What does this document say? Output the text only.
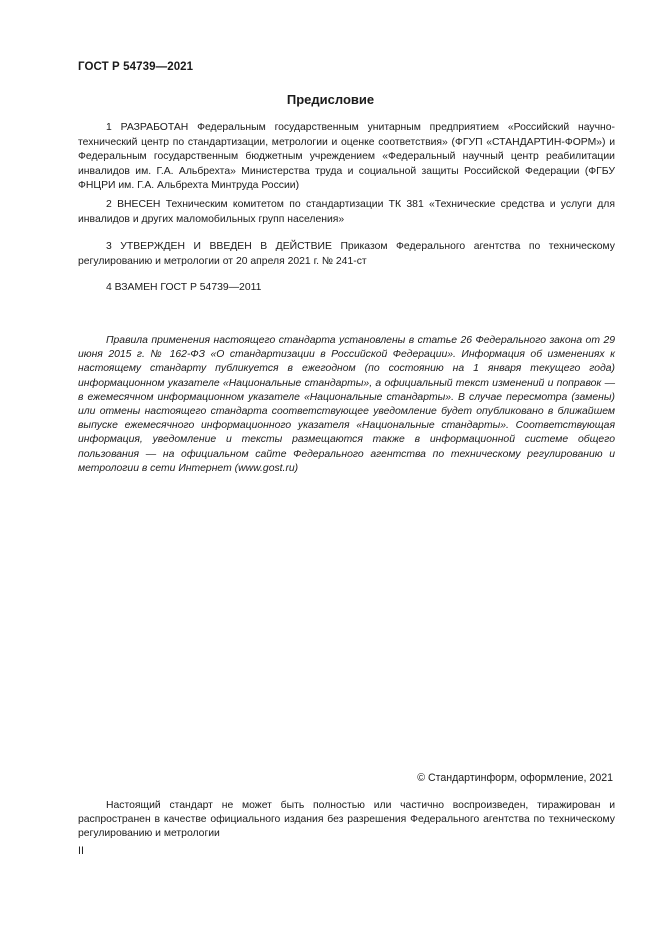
ГОСТ Р 54739—2021
Предисловие

1 РАЗРАБОТАН Федеральным государственным унитарным предприятием «Российский научно-технический центр по стандартизации, метрологии и оценке соответствия» (ФГУП «СТАНДАРТИН-ФОРМ») и Федеральным государственным бюджетным учреждением «Федеральный научный центр реабилитации инвалидов им. Г.А. Альбрехта» Министерства труда и социальной защиты Российской Федерации (ФГБУ ФНЦРИ им. Г.А. Альбрехта Минтруда России)

2 ВНЕСЕН Техническим комитетом по стандартизации ТК 381 «Технические средства и услуги для инвалидов и других маломобильных групп населения»

3 УТВЕРЖДЕН И ВВЕДЕН В ДЕЙСТВИЕ Приказом Федерального агентства по техническому регулированию и метрологии от 20 апреля 2021 г. № 241-ст

4 ВЗАМЕН ГОСТ Р 54739—2011

Правила применения настоящего стандарта установлены в статье 26 Федерального закона от 29 июня 2015 г. № 162-ФЗ «О стандартизации в Российской Федерации». Информация об изменениях к настоящему стандарту публикуется в ежегодном (по состоянию на 1 января текущего года) информационном указателе «Национальные стандарты», а официальный текст изменений и поправок — в ежемесячном информационном указателе «Национальные стандарты». В случае пересмотра (замены) или отмены настоящего стандарта соответствующее уведомление будет опубликовано в ближайшем выпуске ежемесячного информационного указателя «Национальные стандарты». Соответствующая информация, уведомление и тексты размещаются также в информационной системе общего пользования — на официальном сайте Федерального агентства по техническому регулированию и метрологии в сети Интернет (www.gost.ru)

© Стандартинформ, оформление, 2021

Настоящий стандарт не может быть полностью или частично воспроизведен, тиражирован и распространен в качестве официального издания без разрешения Федерального агентства по техническому регулированию и метрологии

II
